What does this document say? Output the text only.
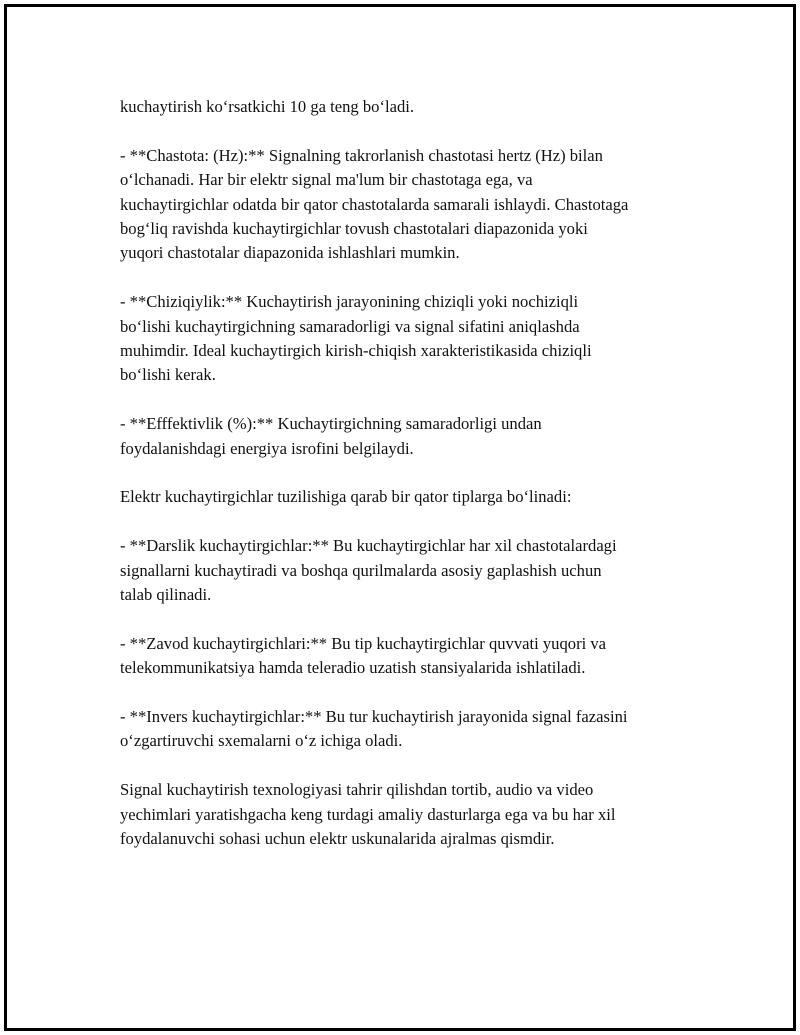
kuchaytirish ko‘rsatkichi 10 ga teng bo‘ladi.

- **Chastota: (Hz):** Signalning takrorlanish chastotasi hertz (Hz) bilan

o‘lchanadi. Har bir elektr signal ma'lum bir chastotaga ega, va

kuchaytirgichlar odatda bir qator chastotalarda samarali ishlaydi. Chastotaga

bog‘liq ravishda kuchaytirgichlar tovush chastotalari diapazonida yoki

yuqori chastotalar diapazonida ishlashlari mumkin.

- **Chiziqiylik:** Kuchaytirish jarayonining chiziqli yoki nochiziqli

bo‘lishi kuchaytirgichning samaradorligi va signal sifatini aniqlashda

muhimdir. Ideal kuchaytirgich kirish-chiqish xarakteristikasida chiziqli

bo‘lishi kerak.

- **Efffektivlik (%):** Kuchaytirgichning samaradorligi undan

foydalanishdagi energiya isrofini belgilaydi.

Elektr kuchaytirgichlar tuzilishiga qarab bir qator tiplarga bo‘linadi:

- **Darslik kuchaytirgichlar:** Bu kuchaytirgichlar har xil chastotalardagi

signallarni kuchaytiradi va boshqa qurilmalarda asosiy gaplashish uchun

talab qilinadi.

- **Zavod kuchaytirgichlari:** Bu tip kuchaytirgichlar quvvati yuqori va

telekommunikatsiya hamda teleradio uzatish stansiyalarida ishlatiladi.

- **Invers kuchaytirgichlar:** Bu tur kuchaytirish jarayonida signal fazasini

o‘zgartiruvchi sxemalarni o‘z ichiga oladi.

Signal kuchaytirish texnologiyasi tahrir qilishdan tortib, audio va video

yechimlari yaratishgacha keng turdagi amaliy dasturlarga ega va bu har xil

foydalanuvchi sohasi uchun elektr uskunalarida ajralmas qismdir.
